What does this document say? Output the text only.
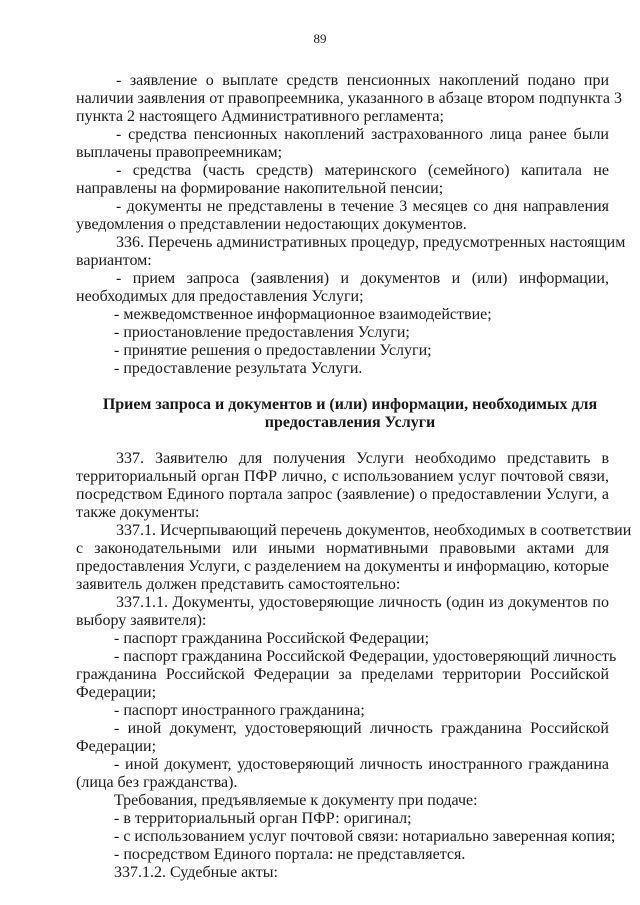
89
- заявление о выплате средств пенсионных накоплений подано при
наличии заявления от правопреемника, указанного в абзаце втором подпункта 3
пункта 2 настоящего Административного регламента;
- средства пенсионных накоплений застрахованного лица ранее были
выплачены правопреемникам;
- средства (часть средств) материнского (семейного) капитала не
направлены на формирование накопительной пенсии;
- документы не представлены в течение 3 месяцев со дня направления
уведомления о представлении недостающих документов.
336. Перечень административных процедур, предусмотренных настоящим
вариантом:
- прием запроса (заявления) и документов и (или) информации,
необходимых для предоставления Услуги;
- межведомственное информационное взаимодействие;
- приостановление предоставления Услуги;
- принятие решения о предоставлении Услуги;
- предоставление результата Услуги.
Прием запроса и документов и (или) информации, необходимых для
предоставления Услуги
337. Заявителю для получения Услуги необходимо представить в
территориальный орган ПФР лично, с использованием услуг почтовой связи,
посредством Единого портала запрос (заявление) о предоставлении Услуги, а
также документы:
337.1. Исчерпывающий перечень документов, необходимых в соответствии
с законодательными или иными нормативными правовыми актами для
предоставления Услуги, с разделением на документы и информацию, которые
заявитель должен представить самостоятельно:
337.1.1. Документы, удостоверяющие личность (один из документов по
выбору заявителя):
- паспорт гражданина Российской Федерации;
- паспорт гражданина Российской Федерации, удостоверяющий личность
гражданина Российской Федерации за пределами территории Российской
Федерации;
- паспорт иностранного гражданина;
- иной документ, удостоверяющий личность гражданина Российской
Федерации;
- иной документ, удостоверяющий личность иностранного гражданина
(лица без гражданства).
Требования, предъявляемые к документу при подаче:
- в территориальный орган ПФР: оригинал;
- с использованием услуг почтовой связи: нотариально заверенная копия;
- посредством Единого портала: не представляется.
337.1.2. Судебные акты:
